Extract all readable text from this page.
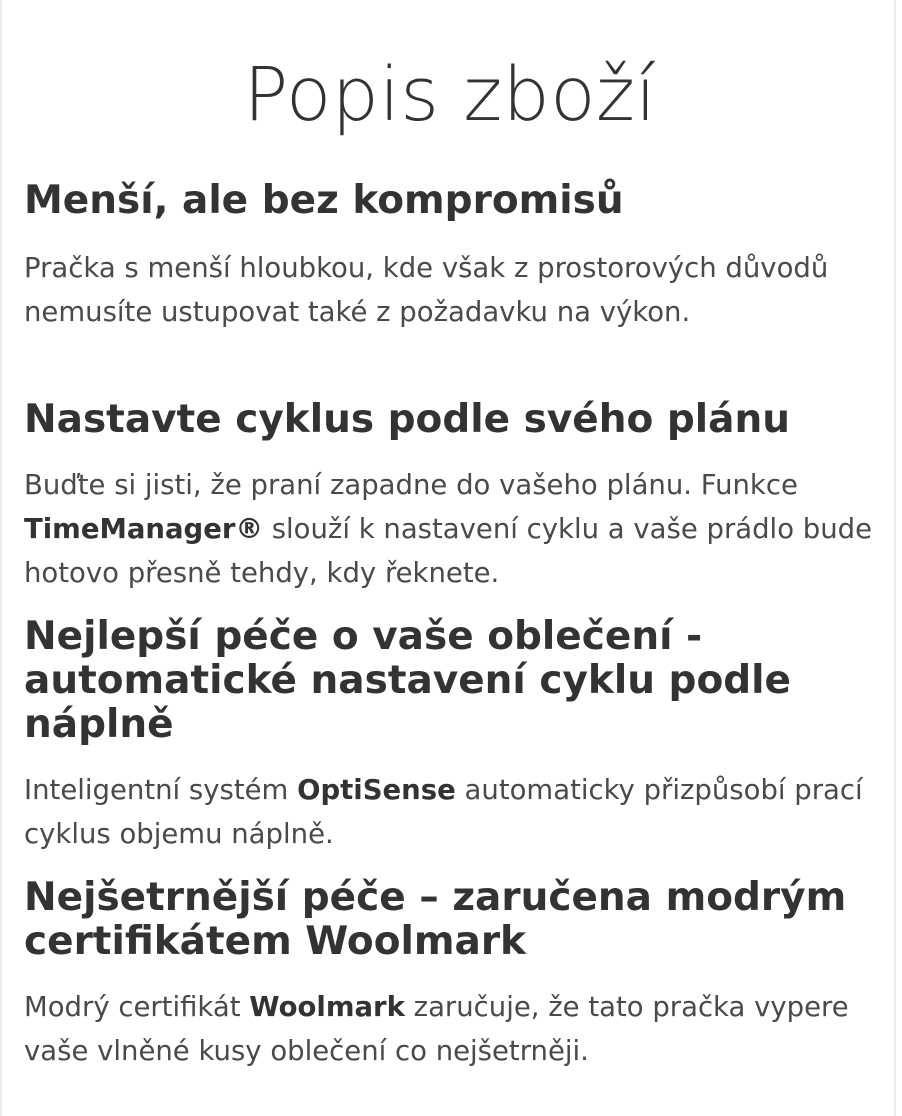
Popis zboží
Menší, ale bez kompromisů

Pračka s menší hloubkou, kde však z prostorových důvodů nemusíte ustupovat také z požadavku na výkon.

Nastavte cyklus podle svého plánu

Buďte si jisti, že praní zapadne do vašeho plánu. Funkce TimeManager® slouží k nastavení cyklu a vaše prádlo bude hotovo přesně tehdy, kdy řeknete.

Nejlepší péče o vaše oblečení - automatické nastavení cyklu podle náplně

Inteligentní systém OptiSense automaticky přizpůsobí prací cyklus objemu náplně.

Nejšetrnější péče – zaručena modrým certifikátem Woolmark

Modrý certifikát Woolmark zaručuje, že tato pračka vypere vaše vlněné kusy oblečení co nejšetrněji.
